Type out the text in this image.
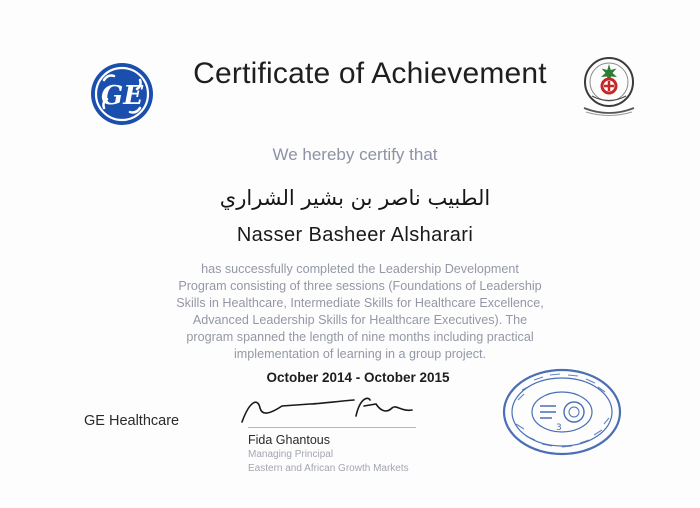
GE
Certificate of Achievement
We hereby certify that
الطبيب ناصر بن بشير الشراري
Nasser Basheer Alsharari
has successfully completed the Leadership Development
Program consisting of three sessions (Foundations of Leadership
Skills in Healthcare, Intermediate Skills for Healthcare Excellence,
Advanced Leadership Skills for Healthcare Executives). The
program spanned the length of nine months including practical
implementation of learning in a group project.
October 2014 - October 2015
GE Healthcare
Fida Ghantous
Managing Principal
Eastern and African Growth Markets
3
